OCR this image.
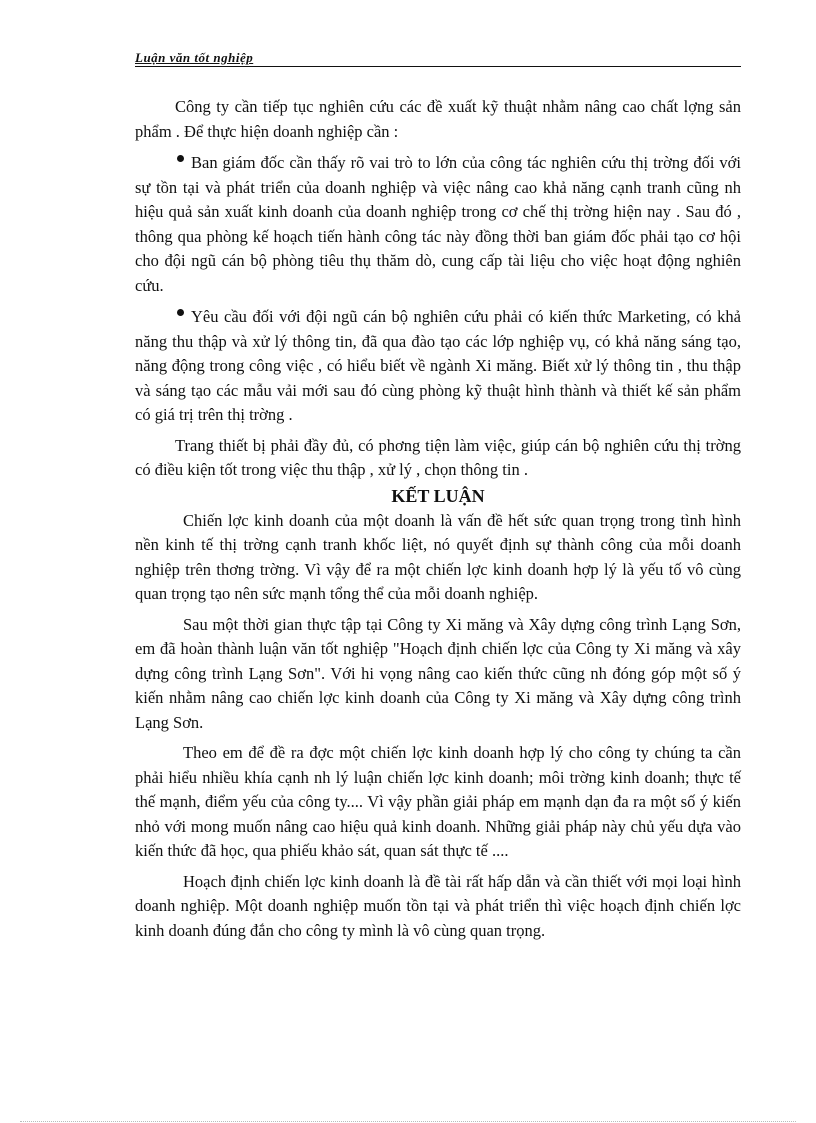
Luận văn tốt nghiệp

Công ty cần tiếp tục nghiên cứu các đề xuất kỹ thuật nhằm nâng cao chất lợng sản phẩm . Để thực hiện doanh nghiệp cần :

Ban giám đốc cần thấy rõ vai trò to lớn của công tác nghiên cứu thị trờng đối với sự tồn tại và phát triển của doanh nghiệp và việc nâng cao khả năng cạnh tranh cũng nh hiệu quả sản xuất kinh doanh của doanh nghiệp trong cơ chế thị trờng hiện nay . Sau đó , thông qua phòng kế hoạch tiến hành công tác này đồng thời ban giám đốc phải tạo cơ hội cho đội ngũ cán bộ phòng tiêu thụ thăm dò, cung cấp tài liệu cho việc hoạt động nghiên cứu.

Yêu cầu đối với đội ngũ cán bộ nghiên cứu phải có kiến thức Marketing, có khả năng thu thập và xử lý thông tin, đã qua đào tạo các lớp nghiệp vụ, có khả năng sáng tạo, năng động trong công việc , có hiểu biết về ngành Xi măng. Biết xử lý thông tin , thu thập và sáng tạo các mẫu vải mới sau đó cùng phòng kỹ thuật hình thành và thiết kế sản phẩm có giá trị trên thị trờng .

Trang thiết bị phải đầy đủ, có phơng tiện làm việc, giúp cán bộ nghiên cứu thị trờng có điều kiện tốt trong việc thu thập , xử lý , chọn thông tin .

KẾT LUẬN

Chiến lợc kinh doanh của một doanh là vấn đề hết sức quan trọng trong tình hình nền kinh tế thị trờng cạnh tranh khốc liệt, nó quyết định sự thành công của mỗi doanh nghiệp trên thơng trờng. Vì vậy để ra một chiến lợc kinh doanh hợp lý là yếu tố vô cùng quan trọng tạo nên sức mạnh tổng thể của mỗi doanh nghiệp.

Sau một thời gian thực tập tại Công ty Xi măng và Xây dựng công trình Lạng Sơn, em đã hoàn thành luận văn tốt nghiệp "Hoạch định chiến lợc của Công ty Xi măng và xây dựng công trình Lạng Sơn". Với hi vọng nâng cao kiến thức cũng nh đóng góp một số ý kiến nhằm nâng cao chiến lợc kinh doanh của Công ty Xi măng và Xây dựng công trình Lạng Sơn.

Theo em để đề ra đợc một chiến lợc kinh doanh hợp lý cho công ty chúng ta cần phải hiểu nhiều khía cạnh nh lý luận chiến lợc kinh doanh; môi trờng kinh doanh; thực tế thế mạnh, điểm yếu của công ty.... Vì vậy phần giải pháp em mạnh dạn đa ra một số ý kiến nhỏ với mong muốn nâng cao hiệu quả kinh doanh. Những giải pháp này chủ yếu dựa vào kiến thức đã học, qua phiếu khảo sát, quan sát thực tế ....

Hoạch định chiến lợc kinh doanh là đề tài rất hấp dẫn và cần thiết với mọi loại hình doanh nghiệp. Một doanh nghiệp muốn tồn tại và phát triển thì việc hoạch định chiến lợc kinh doanh đúng đắn cho công ty mình là vô cùng quan trọng.
